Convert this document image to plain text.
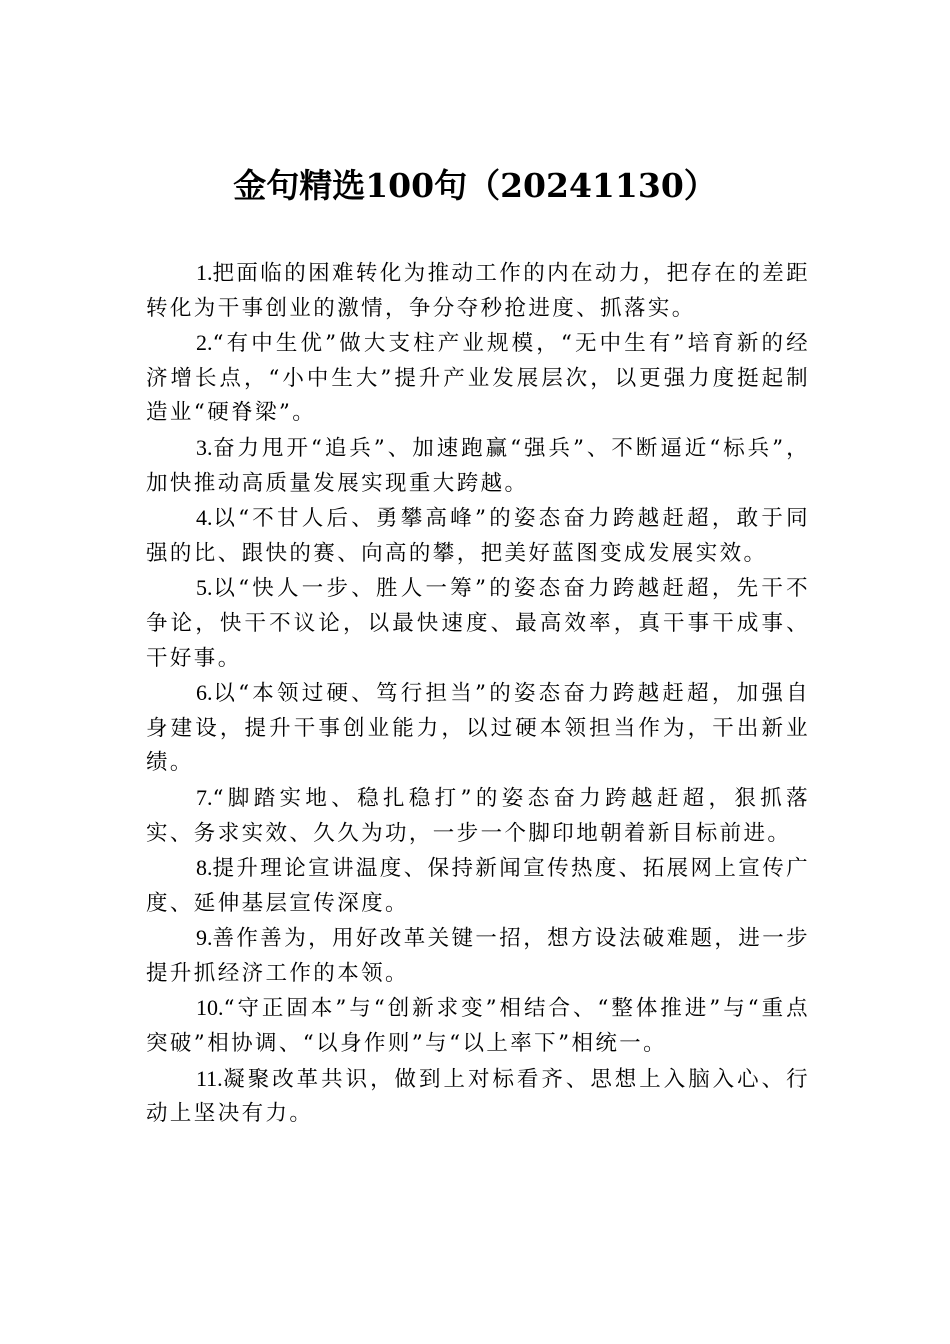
金句精选100句（20241130）

1.把面临的困难转化为推动工作的内在动力，把存在的差距转化为干事创业的激情，争分夺秒抢进度、抓落实。

2.“有中生优”做大支柱产业规模，“无中生有”培育新的经济增长点，“小中生大”提升产业发展层次，以更强力度挺起制造业“硬脊梁”。

3.奋力甩开“追兵”、加速跑赢“强兵”、不断逼近“标兵”，加快推动高质量发展实现重大跨越。

4.以“不甘人后、勇攀高峰”的姿态奋力跨越赶超，敢于同强的比、跟快的赛、向高的攀，把美好蓝图变成发展实效。

5.以“快人一步、胜人一筹”的姿态奋力跨越赶超，先干不争论，快干不议论，以最快速度、最高效率，真干事干成事、干好事。

6.以“本领过硬、笃行担当”的姿态奋力跨越赶超，加强自身建设，提升干事创业能力，以过硬本领担当作为，干出新业绩。

7.“脚踏实地、稳扎稳打”的姿态奋力跨越赶超，狠抓落实、务求实效、久久为功，一步一个脚印地朝着新目标前进。

8.提升理论宣讲温度、保持新闻宣传热度、拓展网上宣传广度、延伸基层宣传深度。

9.善作善为，用好改革关键一招，想方设法破难题，进一步提升抓经济工作的本领。

10.“守正固本”与“创新求变”相结合、“整体推进”与“重点突破”相协调、“以身作则”与“以上率下”相统一。

11.凝聚改革共识，做到上对标看齐、思想上入脑入心、行动上坚决有力。
